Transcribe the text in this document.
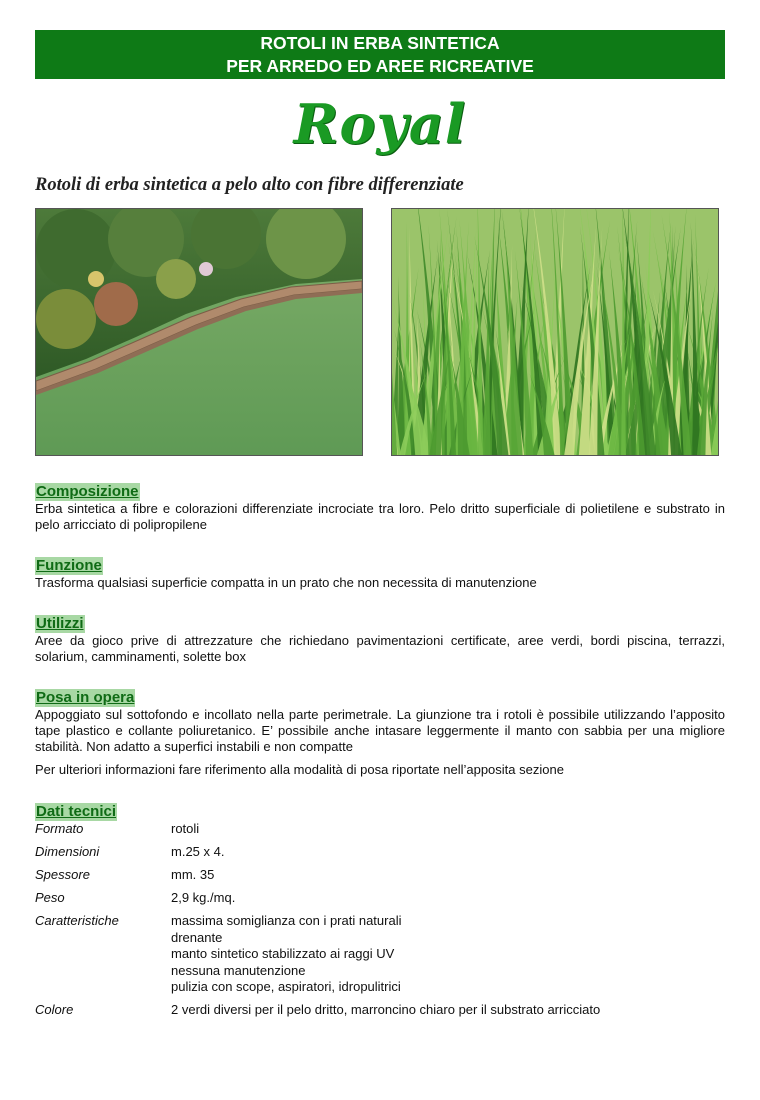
ROTOLI IN ERBA SINTETICA
PER ARREDO ED AREE RICREATIVE
Royal
Rotoli di erba sintetica a pelo alto con fibre differenziate
Composizione
Erba sintetica a fibre e colorazioni differenziate incrociate tra loro. Pelo dritto superficiale di polietilene e substrato in pelo arricciato di polipropilene
Funzione
Trasforma qualsiasi superficie compatta in un prato che non necessita di manutenzione
Utilizzi
Aree da gioco prive di attrezzature che richiedano pavimentazioni certificate, aree verdi, bordi piscina, terrazzi, solarium, camminamenti, solette box
Posa in opera

Appoggiato sul sottofondo e incollato nella parte perimetrale. La giunzione tra i rotoli è possibile utilizzando l’apposito tape plastico e collante poliuretanico. E’ possibile anche intasare leggermente il manto con sabbia per una migliore stabilità. Non adatto a superfici instabili e non compatte

Per ulteriori informazioni fare riferimento alla modalità di posa riportate nell’apposita sezione

Dati tecnici
Formato	rotoli
Dimensioni	m.25 x 4.
Spessore	mm. 35
Peso	2,9 kg./mq.
Caratteristiche	massima somiglianza con i prati naturali
drenante
manto sintetico stabilizzato ai raggi UV
nessuna manutenzione
pulizia con scope, aspiratori, idropulitrici

Colore	2 verdi diversi per il pelo dritto, marroncino chiaro per il substrato arricciato
